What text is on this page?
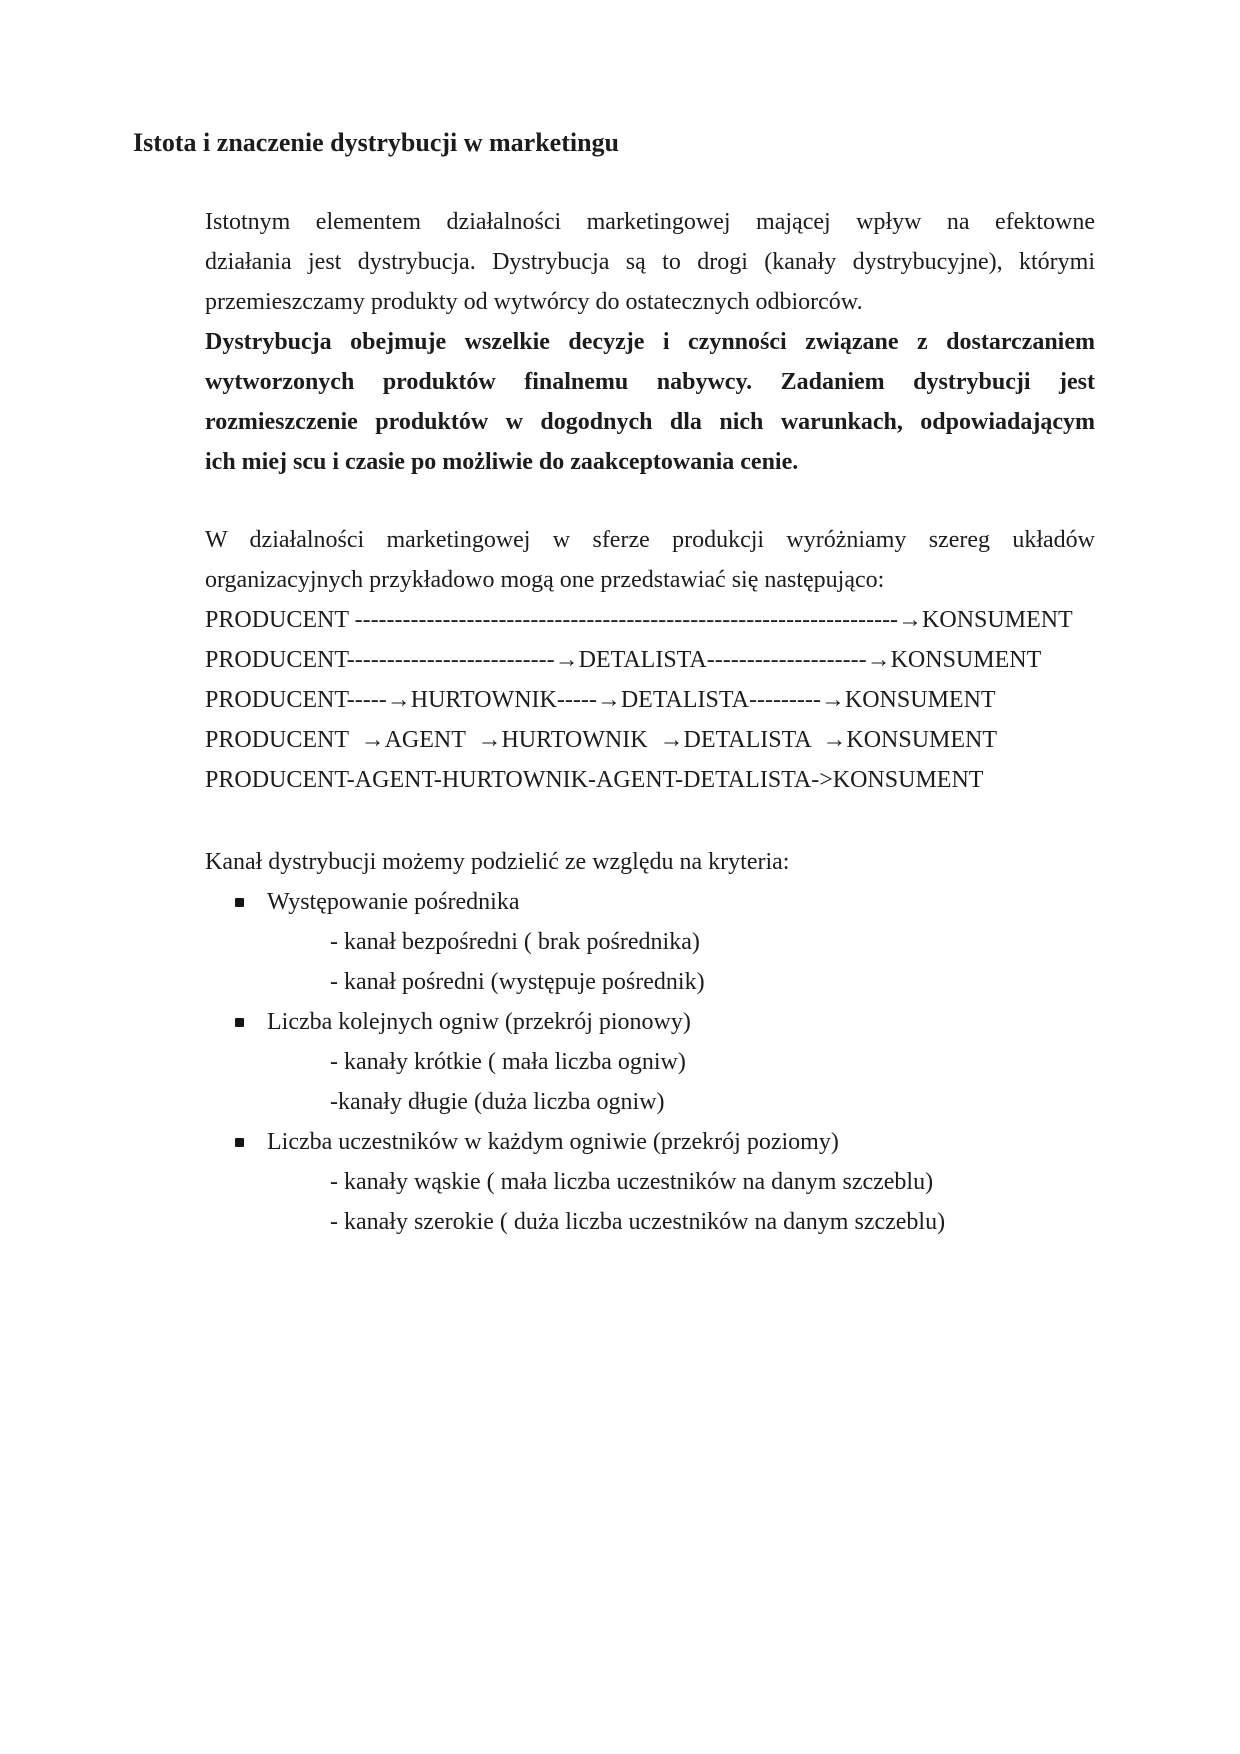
Istota i znaczenie dystrybucji w marketingu
Istotnym elementem działalności marketingowej mającej wpływ na efektowne
działania jest dystrybucja. Dystrybucja są to drogi (kanały dystrybucyjne), którymi
przemieszczamy produkty od wytwórcy do ostatecznych odbiorców.
Dystrybucja obejmuje wszelkie decyzje i czynności związane z dostarczaniem
wytworzonych produktów finalnemu nabywcy. Zadaniem dystrybucji jest
rozmieszczenie produktów w dogodnych dla nich warunkach, odpowiadającym
ich miej scu i czasie po możliwie do zaakceptowania cenie.
W działalności marketingowej w sferze produkcji wyróżniamy szereg układów
organizacyjnych przykładowo mogą one przedstawiać się następująco:
PRODUCENT --------------------------------------------------------------------→KONSUMENT
PRODUCENT--------------------------→DETALISTA--------------------→KONSUMENT
PRODUCENT-----→HURTOWNIK-----→DETALISTA---------→KONSUMENT
PRODUCENT  →AGENT  →HURTOWNIK  →DETALISTA  →KONSUMENT
PRODUCENT-AGENT-HURTOWNIK-AGENT-DETALISTA->KONSUMENT
Kanał dystrybucji możemy podzielić ze względu na kryteria:
Występowanie pośrednika
- kanał bezpośredni ( brak pośrednika)
- kanał pośredni (występuje pośrednik)
Liczba kolejnych ogniw (przekrój pionowy)
- kanały krótkie ( mała liczba ogniw)
-kanały długie (duża liczba ogniw)
Liczba uczestników w każdym ogniwie (przekrój poziomy)
- kanały wąskie ( mała liczba uczestników na danym szczeblu)
- kanały szerokie ( duża liczba uczestników na danym szczeblu)
